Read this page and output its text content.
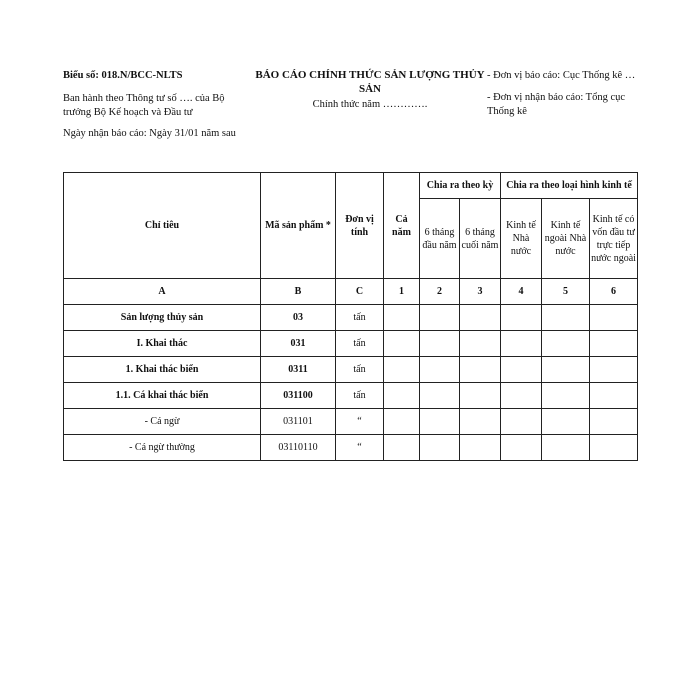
Biểu số: 018.N/BCC-NLTS
Ban hành theo Thông tư số …. của Bộ trưởng Bộ Kế hoạch và Đầu tư
Ngày nhận báo cáo: Ngày 31/01 năm sau
BÁO CÁO CHÍNH THỨC SẢN LƯỢNG THỦY SẢN
Chính thức năm ………….
- Đơn vị báo cáo: Cục Thống kê …
- Đơn vị nhận báo cáo: Tổng cục Thống kê
Chỉ tiêu	Mã sản phẩm *	Đơn vị tính	Cả năm	Chia ra theo kỳ		Chia ra theo loại hình kinh tế		
				6 tháng đầu năm	6 tháng cuối năm	Kinh tế Nhà nước	Kinh tế ngoài Nhà nước	Kinh tế có vốn đầu tư trực tiếp nước ngoài
A	B	C	1	2	3	4	5	6
Sản lượng thủy sản	03	tấn						
I. Khai thác	031	tấn						
1. Khai thác biển	0311	tấn						
1.1. Cá khai thác biển	031100	tấn						
- Cá ngừ	031101	“						
- Cá ngừ thường	03110110	“						
